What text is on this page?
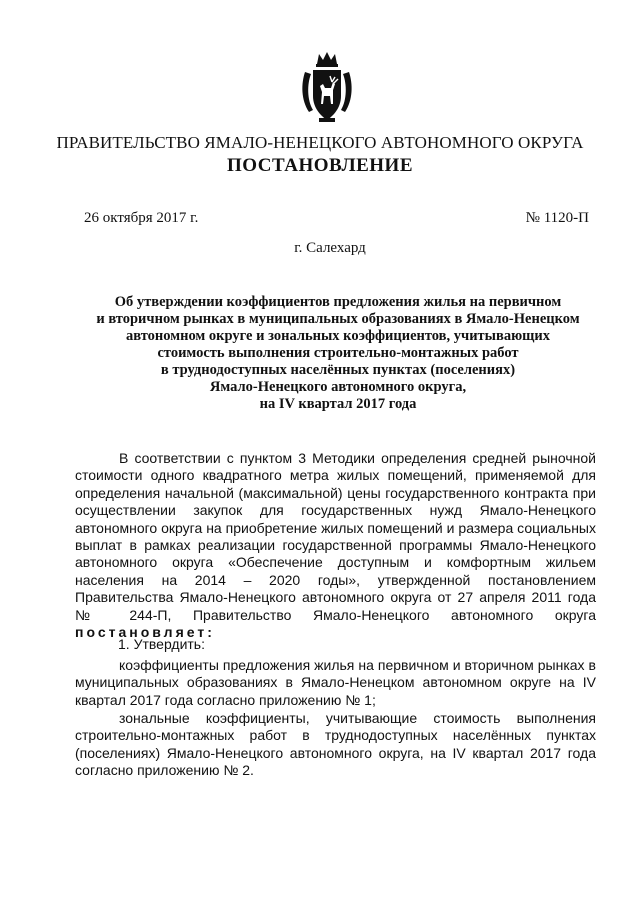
ПРАВИТЕЛЬСТВО ЯМАЛО-НЕНЕЦКОГО АВТОНОМНОГО ОКРУГА
ПОСТАНОВЛЕНИЕ
26 октября 2017 г.	№ 1120-П
г. Салехард
Об утверждении коэффициентов предложения жилья на первичном
и вторичном рынках в муниципальных образованиях в Ямало-Ненецком
автономном округе и зональных коэффициентов, учитывающих
стоимость выполнения строительно-монтажных работ
в труднодоступных населённых пунктах (поселениях)
Ямало-Ненецкого автономного округа,
на IV квартал 2017 года
В соответствии с пунктом 3 Методики определения средней рыночной стоимости одного квадратного метра жилых помещений, применяемой для определения начальной (максимальной) цены государственного контракта при осуществлении закупок для государственных нужд Ямало-Ненецкого автономного округа на приобретение жилых помещений и размера социальных выплат в рамках реализации государственной программы Ямало-Ненецкого автономного округа «Обеспечение доступным и комфортным жильем населения на 2014 – 2020 годы», утвержденной постановлением Правительства Ямало-Ненецкого автономного округа от 27 апреля 2011 года № 244-П, Правительство Ямало-Ненецкого автономного округа постановляет:
1. Утвердить:
коэффициенты предложения жилья на первичном и вторичном рынках в муниципальных образованиях в Ямало-Ненецком автономном округе на IV квартал 2017 года согласно приложению № 1;
зональные коэффициенты, учитывающие стоимость выполнения строительно-монтажных работ в труднодоступных населённых пунктах (поселениях) Ямало-Ненецкого автономного округа, на IV квартал 2017 года согласно приложению № 2.
